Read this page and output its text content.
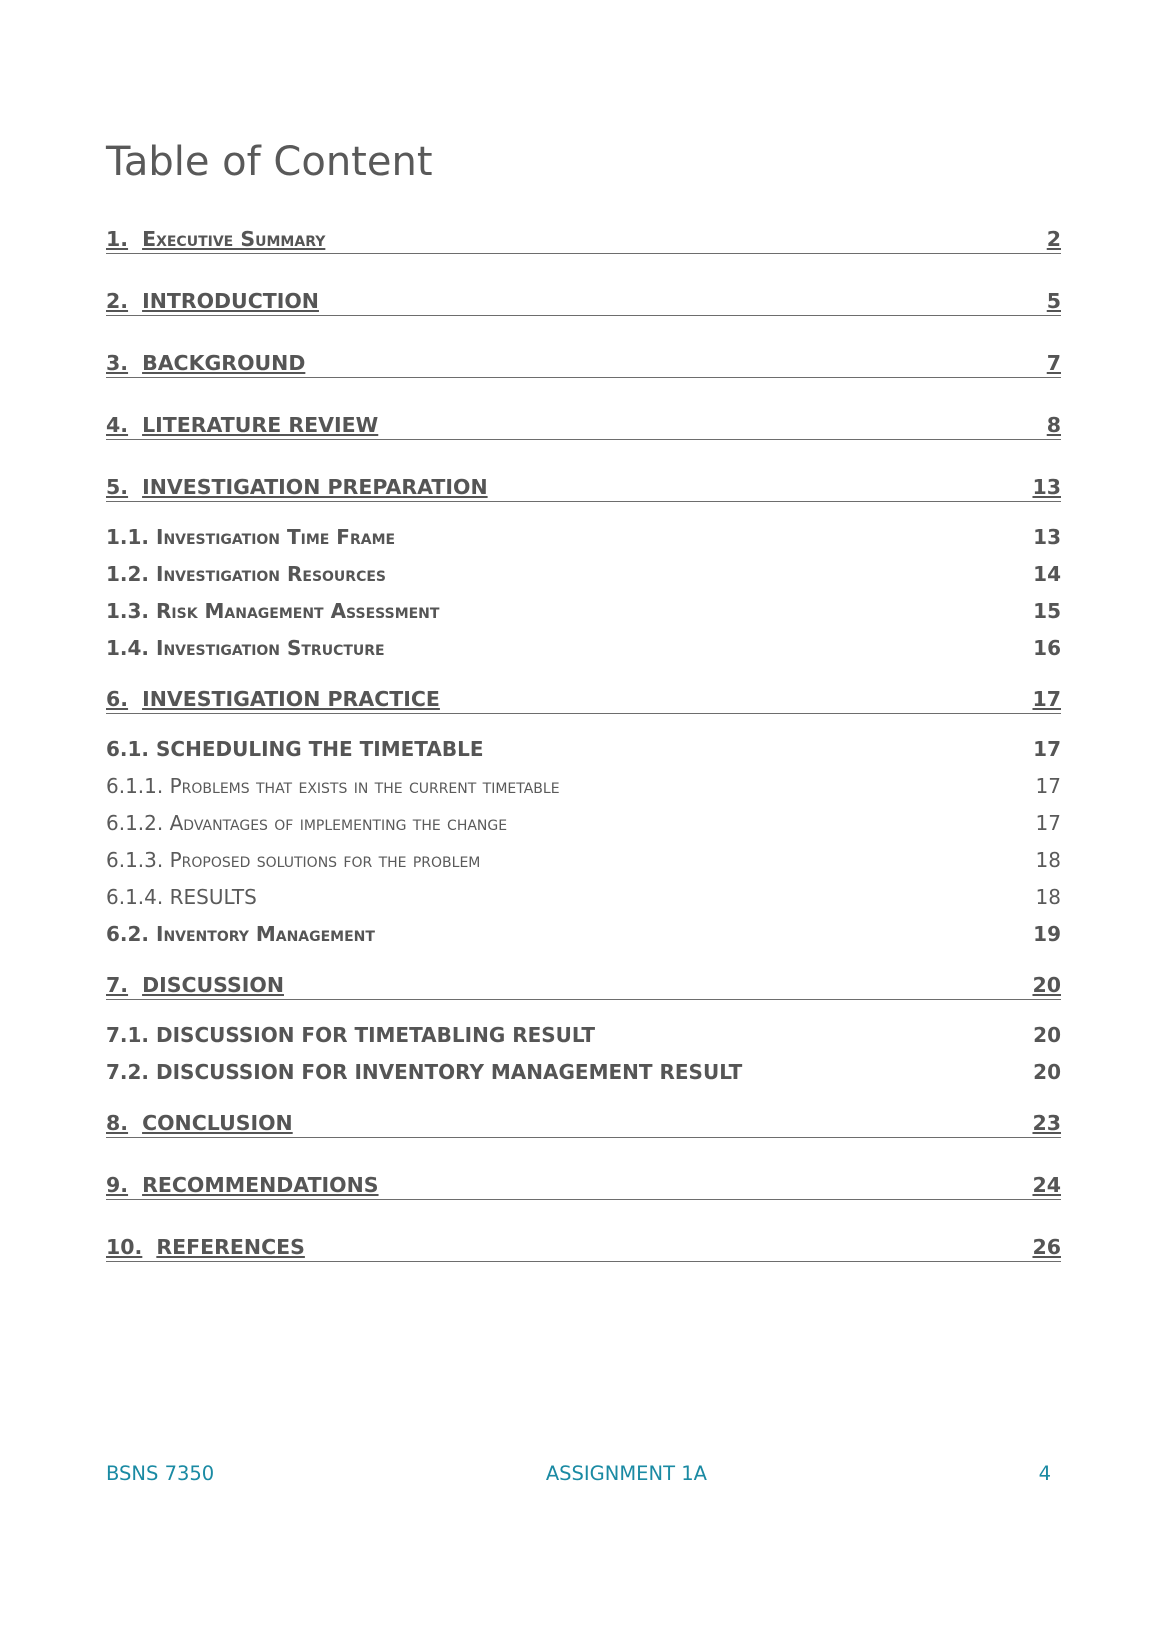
Table of Content
1. Executive Summary	2
2. INTRODUCTION	5
3. BACKGROUND	7
4. LITERATURE REVIEW	8
5. INVESTIGATION PREPARATION	13
1.1. Investigation Time Frame	13
1.2. Investigation Resources	14
1.3. Risk Management Assessment	15
1.4. Investigation Structure	16
6. INVESTIGATION PRACTICE	17
6.1. SCHEDULING THE TIMETABLE	17
6.1.1. Problems that exists in the current timetable	17
6.1.2. Advantages of implementing the change	17
6.1.3. Proposed solutions for the problem	18
6.1.4. RESULTS	18
6.2. Inventory Management	19
7. DISCUSSION	20
7.1. DISCUSSION FOR TIMETABLING RESULT	20
7.2. DISCUSSION FOR INVENTORY MANAGEMENT RESULT	20
8. CONCLUSION	23
9. RECOMMENDATIONS	24
10. REFERENCES	26
BSNS 7350	ASSIGNMENT 1A	4
